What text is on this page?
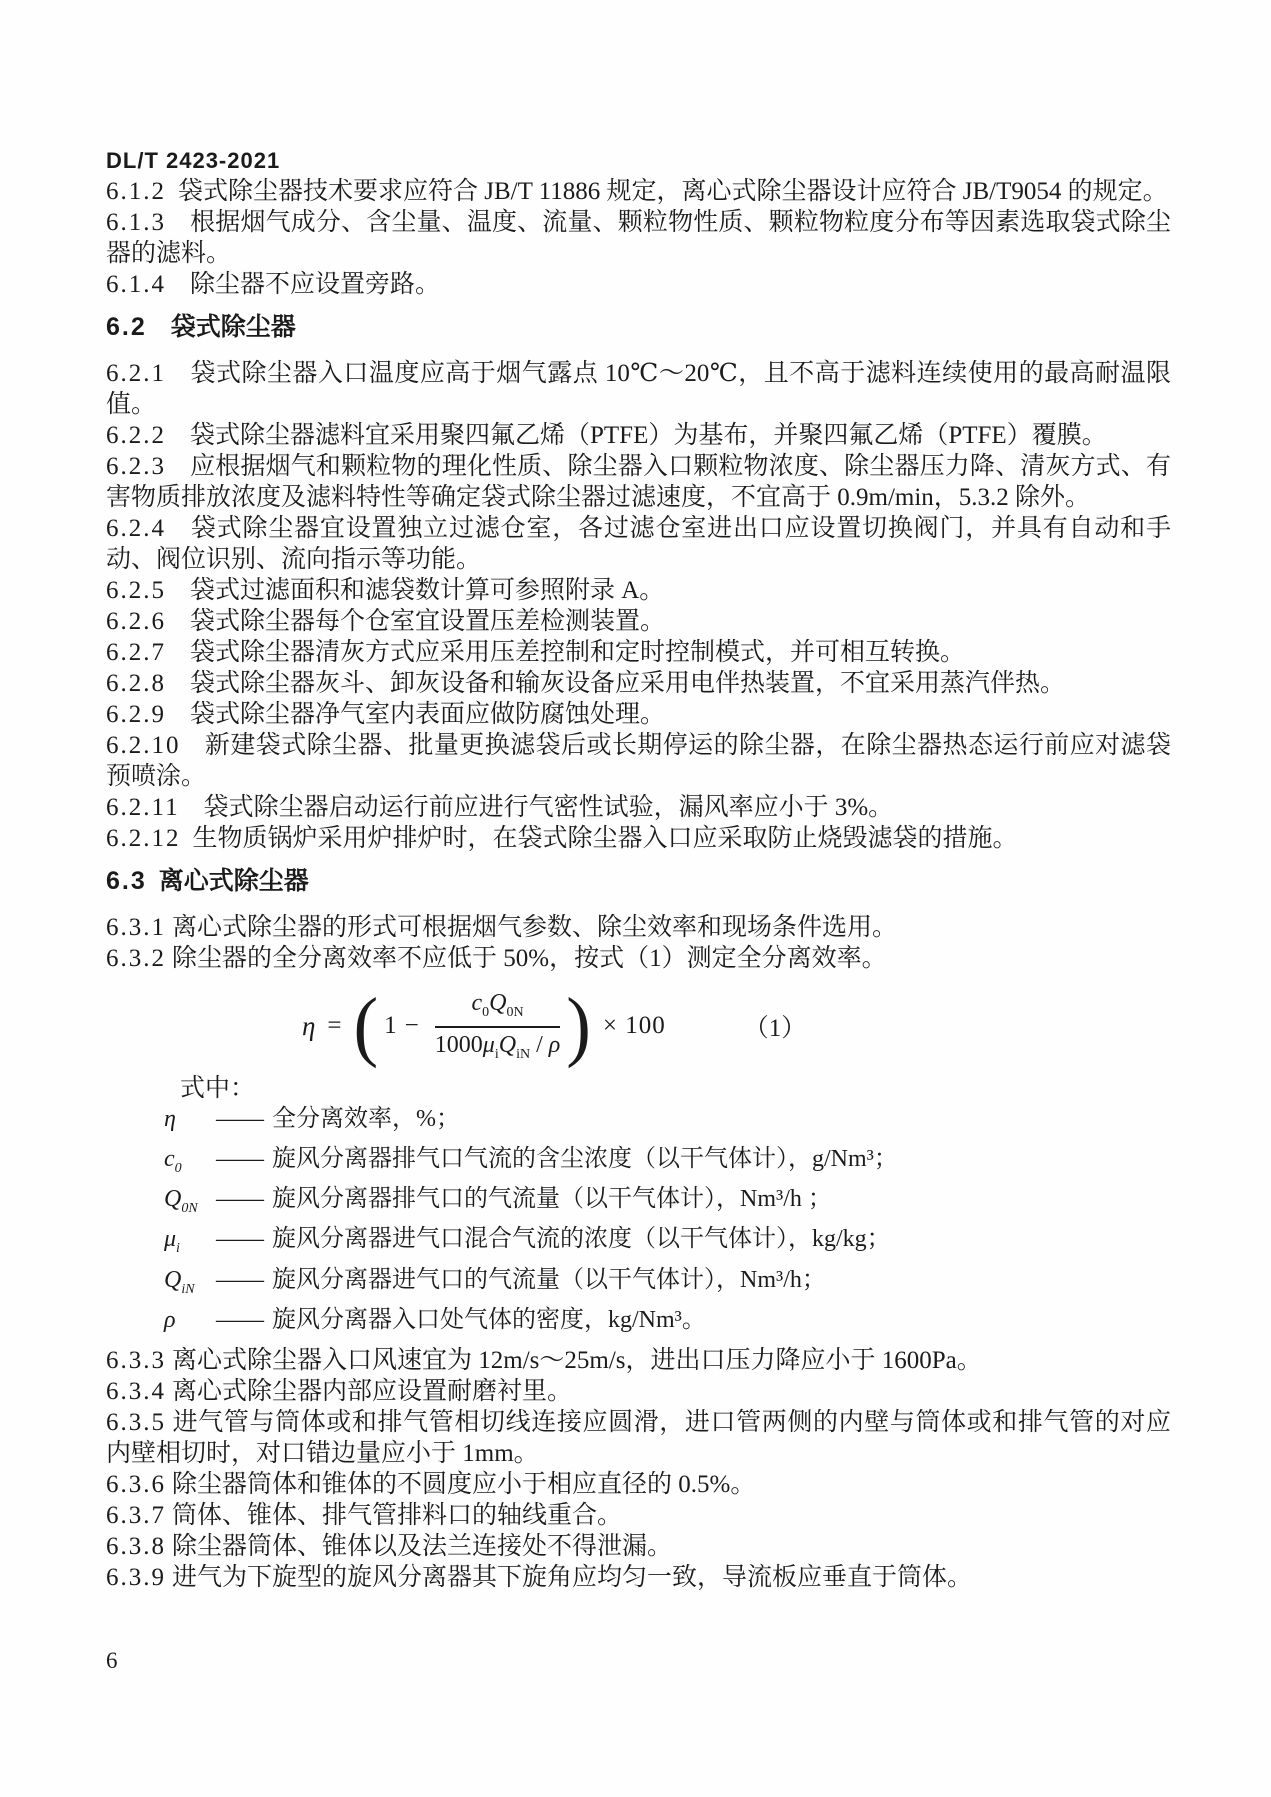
DL/T 2423-2021

6.1.2 袋式除尘器技术要求应符合 JB/T 11886 规定，离心式除尘器设计应符合 JB/T9054 的规定。

6.1.3 根据烟气成分、含尘量、温度、流量、颗粒物性质、颗粒物粒度分布等因素选取袋式除尘器的滤料。

6.1.4 除尘器不应设置旁路。

6.2 袋式除尘器

6.2.1 袋式除尘器入口温度应高于烟气露点 10℃～20℃，且不高于滤料连续使用的最高耐温限值。

6.2.2 袋式除尘器滤料宜采用聚四氟乙烯（PTFE）为基布，并聚四氟乙烯（PTFE）覆膜。

6.2.3 应根据烟气和颗粒物的理化性质、除尘器入口颗粒物浓度、除尘器压力降、清灰方式、有害物质排放浓度及滤料特性等确定袋式除尘器过滤速度，不宜高于 0.9m/min，5.3.2 除外。

6.2.4 袋式除尘器宜设置独立过滤仓室，各过滤仓室进出口应设置切换阀门，并具有自动和手动、阀位识别、流向指示等功能。

6.2.5 袋式过滤面积和滤袋数计算可参照附录 A。

6.2.6 袋式除尘器每个仓室宜设置压差检测装置。

6.2.7 袋式除尘器清灰方式应采用压差控制和定时控制模式，并可相互转换。

6.2.8 袋式除尘器灰斗、卸灰设备和输灰设备应采用电伴热装置，不宜采用蒸汽伴热。

6.2.9 袋式除尘器净气室内表面应做防腐蚀处理。

6.2.10 新建袋式除尘器、批量更换滤袋后或长期停运的除尘器，在除尘器热态运行前应对滤袋预喷涂。

6.2.11 袋式除尘器启动运行前应进行气密性试验，漏风率应小于 3%。

6.2.12 生物质锅炉采用炉排炉时，在袋式除尘器入口应采取防止烧毁滤袋的措施。

6.3 离心式除尘器

6.3.1 离心式除尘器的形式可根据烟气参数、除尘效率和现场条件选用。

6.3.2 除尘器的全分离效率不应低于 50%，按式（1）测定全分离效率。

η = ( $1 - \frac{c_0Q_{0N}}{1000\mu_iQ_{iN} / \rho}$ ) × 100	（1）

式中：

η	—— 全分离效率，%；

$c_0$	—— 旋风分离器排气口气流的含尘浓度（以干气体计），g/Nm³；

$Q_{0N}$ —— 旋风分离器排气口的气流量（以干气体计），Nm³/h ；

$\mu_i$	—— 旋风分离器进气口混合气流的浓度（以干气体计），kg/kg；

$Q_{iN}$ —— 旋风分离器进气口的气流量（以干气体计），Nm³/h；

ρ	—— 旋风分离器入口处气体的密度，kg/Nm³。

6.3.3 离心式除尘器入口风速宜为 12m/s～25m/s，进出口压力降应小于 1600Pa。

6.3.4 离心式除尘器内部应设置耐磨衬里。

6.3.5 进气管与筒体或和排气管相切线连接应圆滑，进口管两侧的内壁与筒体或和排气管的对应内壁相切时，对口错边量应小于 1mm。

6.3.6 除尘器筒体和锥体的不圆度应小于相应直径的 0.5%。

6.3.7 筒体、锥体、排气管排料口的轴线重合。

6.3.8 除尘器筒体、锥体以及法兰连接处不得泄漏。

6.3.9 进气为下旋型的旋风分离器其下旋角应均匀一致，导流板应垂直于筒体。

6
